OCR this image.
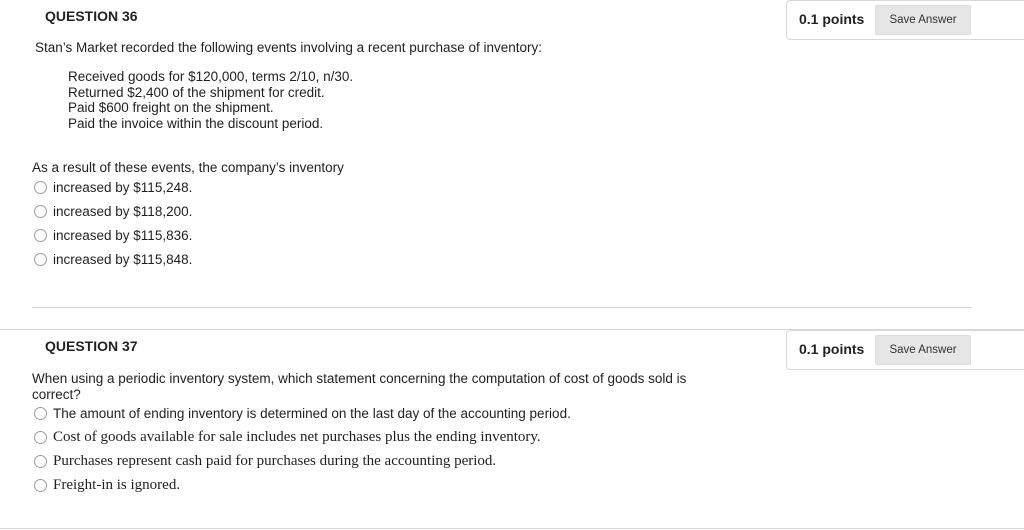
QUESTION 36	0.1 points	Save Answer
Stan’s Market recorded the following events involving a recent purchase of inventory:

Received goods for $120,000, terms 2/10, n/30.

Returned $2,400 of the shipment for credit.

Paid $600 freight on the shipment.

Paid the invoice within the discount period.

As a result of these events, the company’s inventory
increased by $115,248.
increased by $118,200.
increased by $115,836.
increased by $115,848.
QUESTION 37	0.1 points	Save Answer
When using a periodic inventory system, which statement concerning the computation of cost of goods sold is
correct?
The amount of ending inventory is determined on the last day of the accounting period.
Cost of goods available for sale includes net purchases plus the ending inventory.
Purchases represent cash paid for purchases during the accounting period.
Freight-in is ignored.
